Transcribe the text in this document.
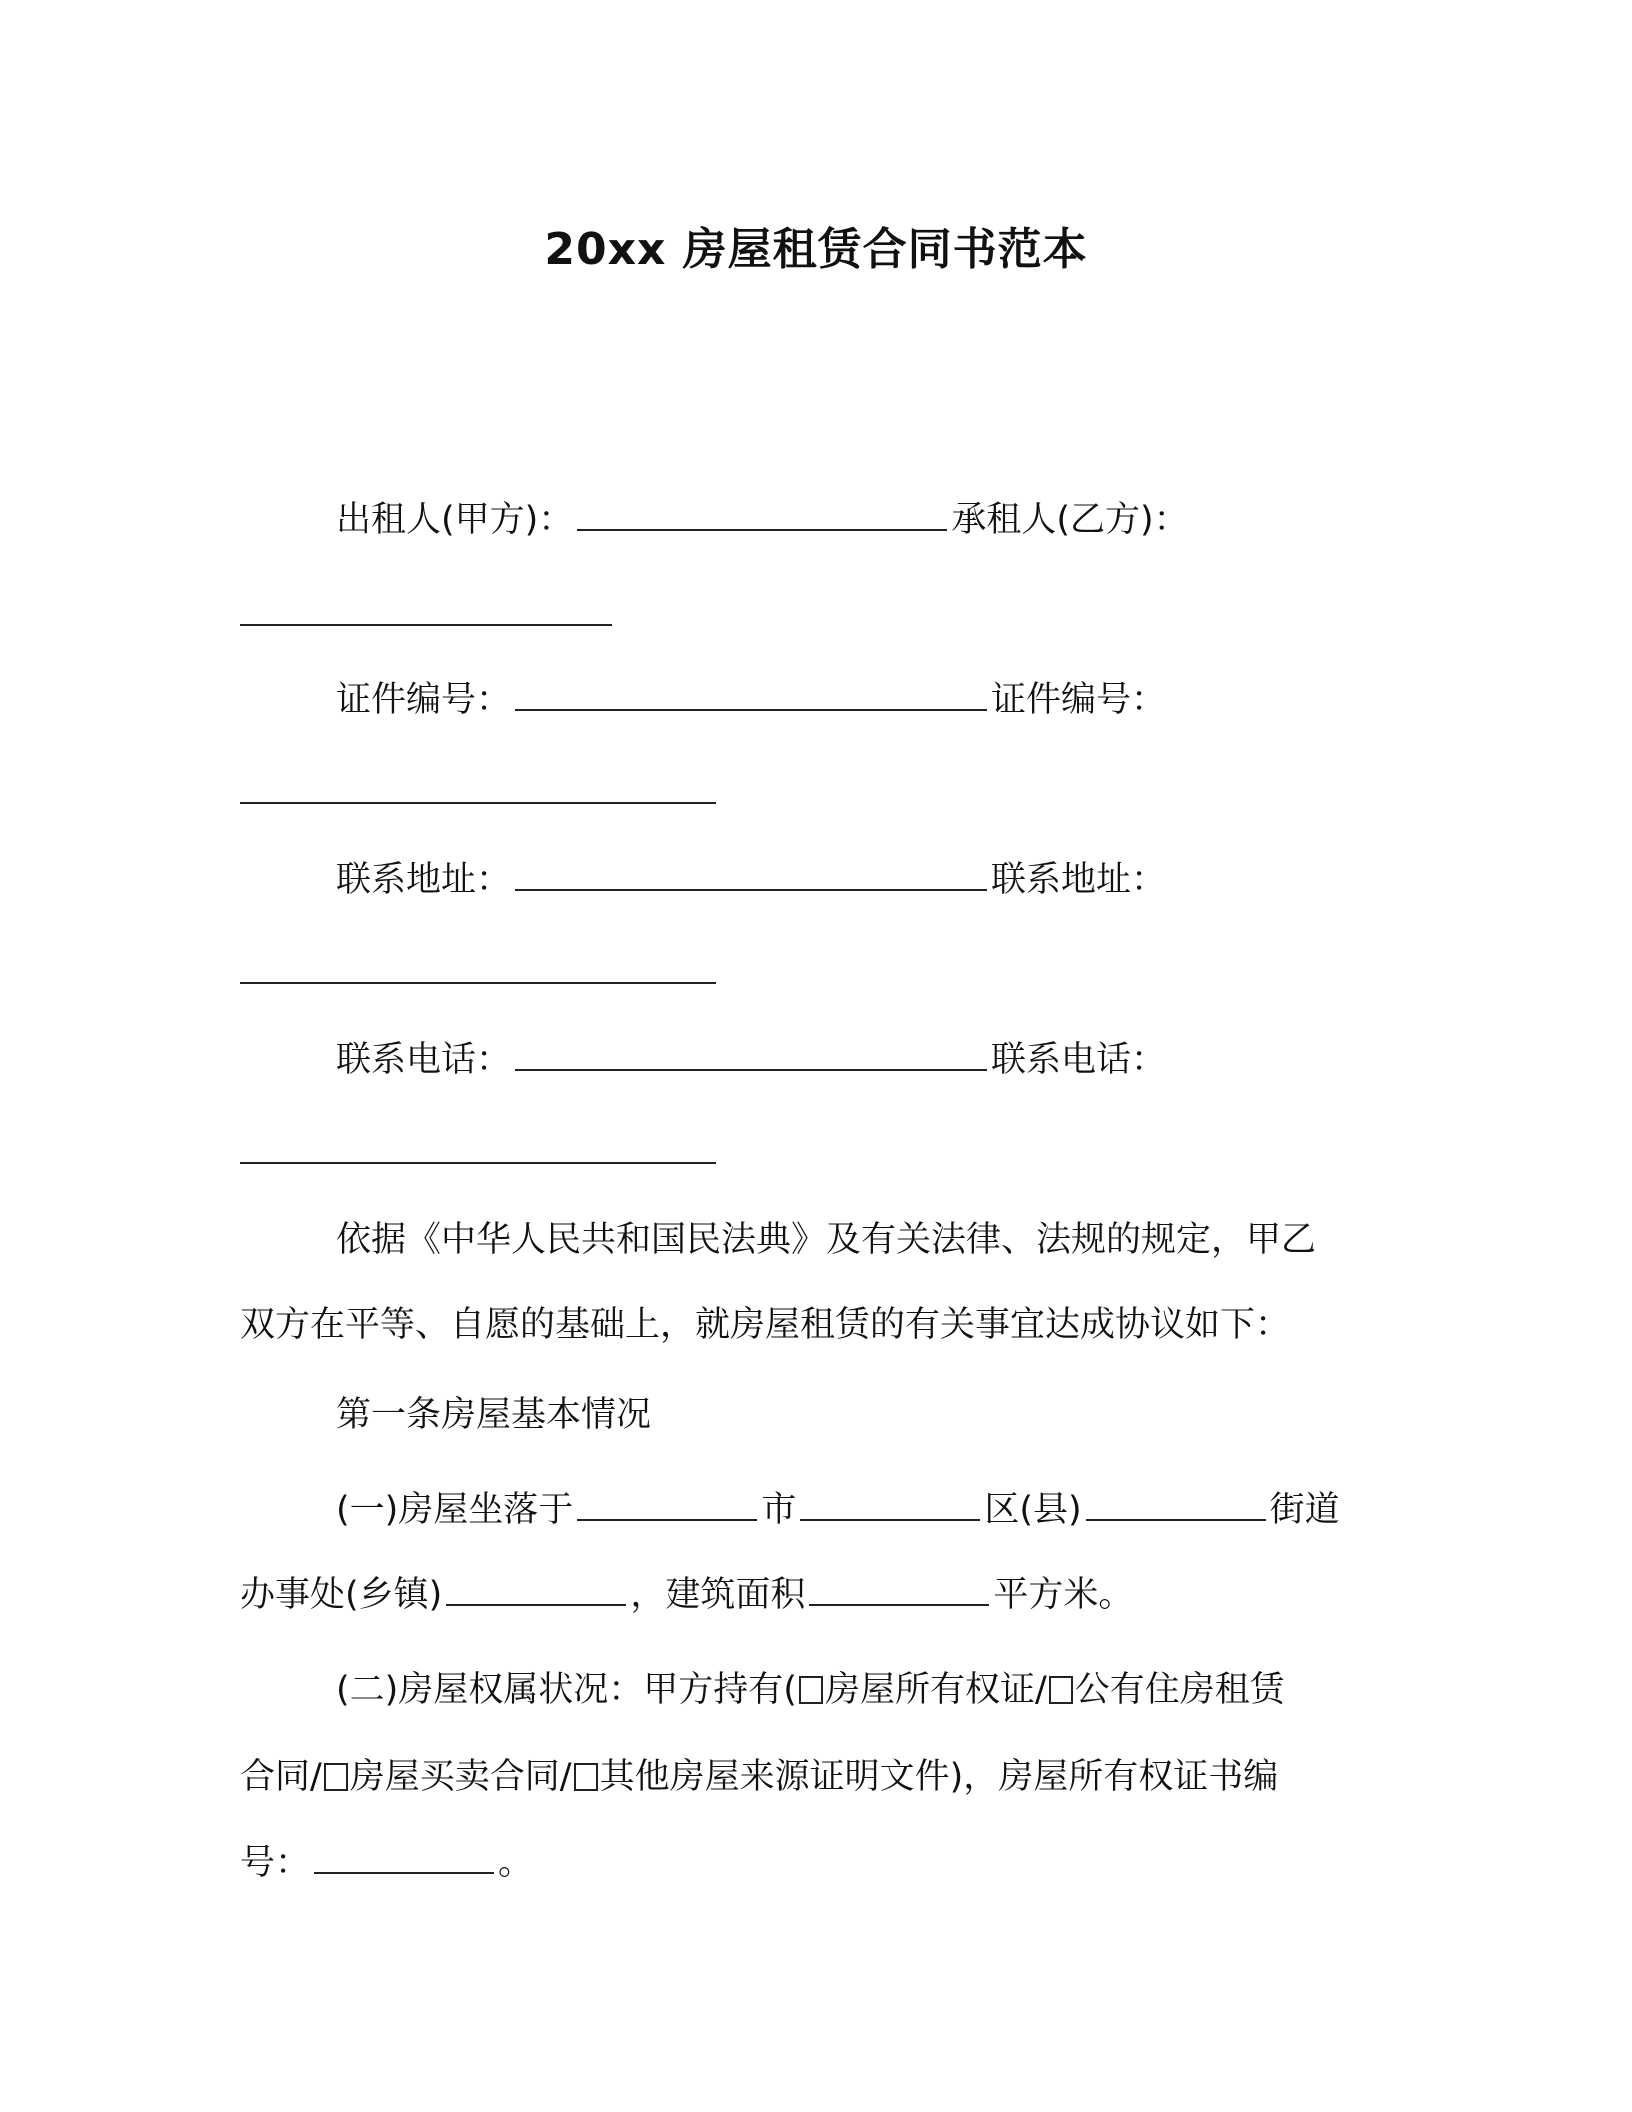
20xx 房屋租赁合同书范本
出租人(甲方)：	承租人(乙方)：
证件编号：	证件编号：
联系地址：	联系地址：
联系电话：	联系电话：
依据《中华人民共和国民法典》及有关法律、法规的规定，甲乙
双方在平等、自愿的基础上，就房屋租赁的有关事宜达成协议如下：
第一条房屋基本情况
(一)房屋坐落于	市	区(县)	街道
办事处(乡镇)	，建筑面积	平方米。
(二)房屋权属状况：甲方持有( 房屋所有权证/ 公有住房租赁
合同/ 房屋买卖合同/ 其他房屋来源证明文件)，房屋所有权证书编
号：	。
